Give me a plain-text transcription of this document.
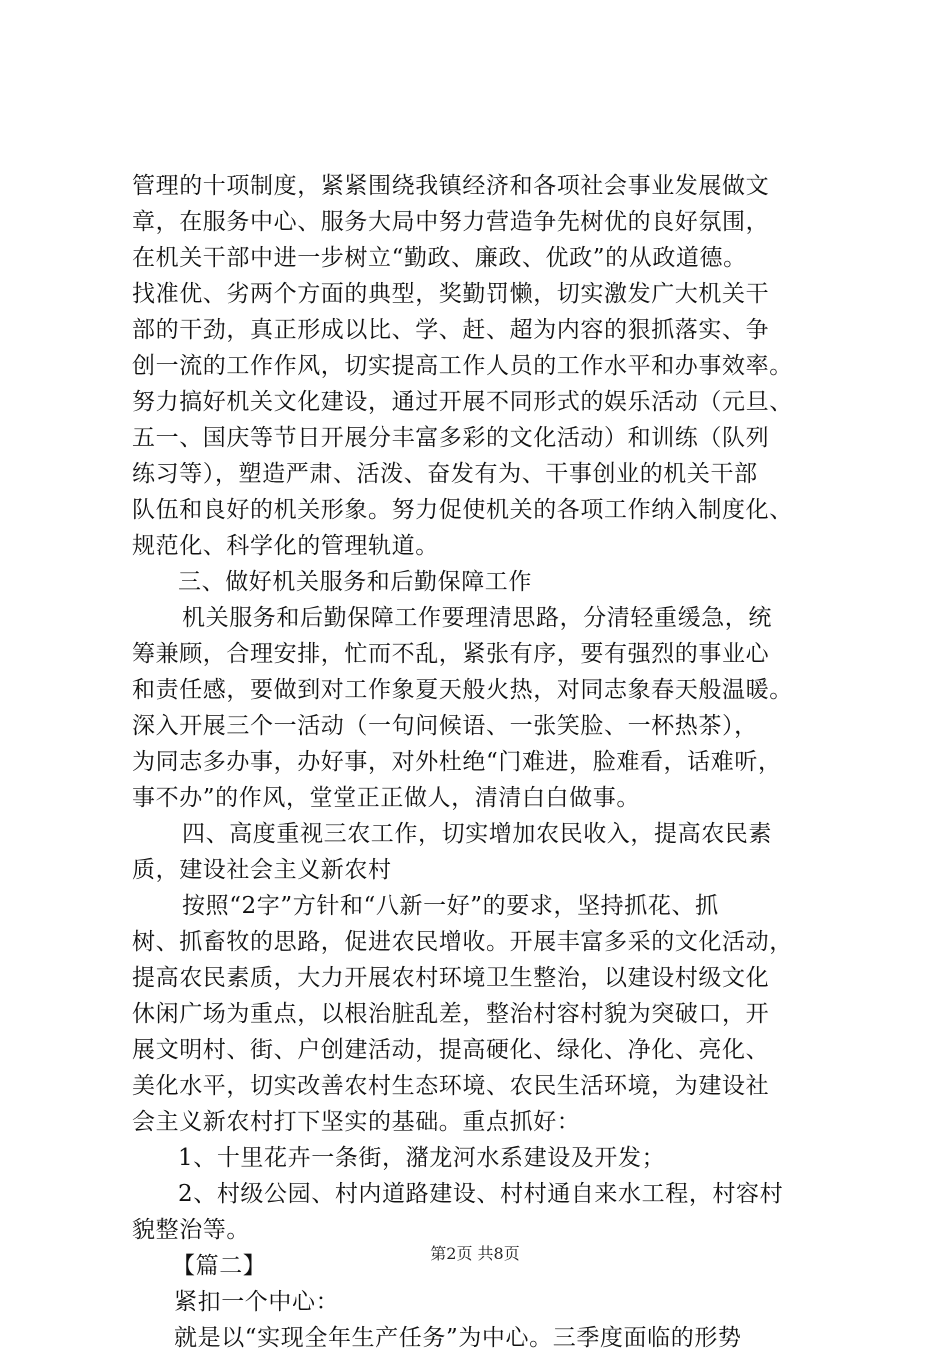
管理的十项制度，紧紧围绕我镇经济和各项社会事业发展做文
章，在服务中心、服务大局中努力营造争先树优的良好氛围，
在机关干部中进一步树立“勤政、廉政、优政”的从政道德。
找准优、劣两个方面的典型，奖勤罚懒，切实激发广大机关干
部的干劲，真正形成以比、学、赶、超为内容的狠抓落实、争
创一流的工作作风，切实提高工作人员的工作水平和办事效率。
努力搞好机关文化建设，通过开展不同形式的娱乐活动（元旦、
五一、国庆等节日开展分丰富多彩的文化活动）和训练（队列
练习等），塑造严肃、活泼、奋发有为、干事创业的机关干部
队伍和良好的机关形象。努力促使机关的各项工作纳入制度化、
规范化、科学化的管理轨道。
三、做好机关服务和后勤保障工作
机关服务和后勤保障工作要理清思路，分清轻重缓急，统
筹兼顾，合理安排，忙而不乱，紧张有序，要有强烈的事业心
和责任感，要做到对工作象夏天般火热，对同志象春天般温暖。
深入开展三个一活动（一句问候语、一张笑脸、一杯热茶），
为同志多办事，办好事，对外杜绝“门难进，脸难看，话难听，
事不办”的作风，堂堂正正做人，清清白白做事。
四、高度重视三农工作，切实增加农民收入，提高农民素
质，建设社会主义新农村
按照“2字”方针和“八新一好”的要求，坚持抓花、抓
树、抓畜牧的思路，促进农民增收。开展丰富多采的文化活动，
提高农民素质，大力开展农村环境卫生整治，以建设村级文化
休闲广场为重点，以根治脏乱差，整治村容村貌为突破口，开
展文明村、街、户创建活动，提高硬化、绿化、净化、亮化、
美化水平，切实改善农村生态环境、农民生活环境，为建设社
会主义新农村打下坚实的基础。重点抓好：
1、十里花卉一条街，潴龙河水系建设及开发；
2、村级公园、村内道路建设、村村通自来水工程，村容村
貌整治等。
【篇二】
紧扣一个中心：
就是以“实现全年生产任务”为中心。三季度面临的形势
第2页 共8页
